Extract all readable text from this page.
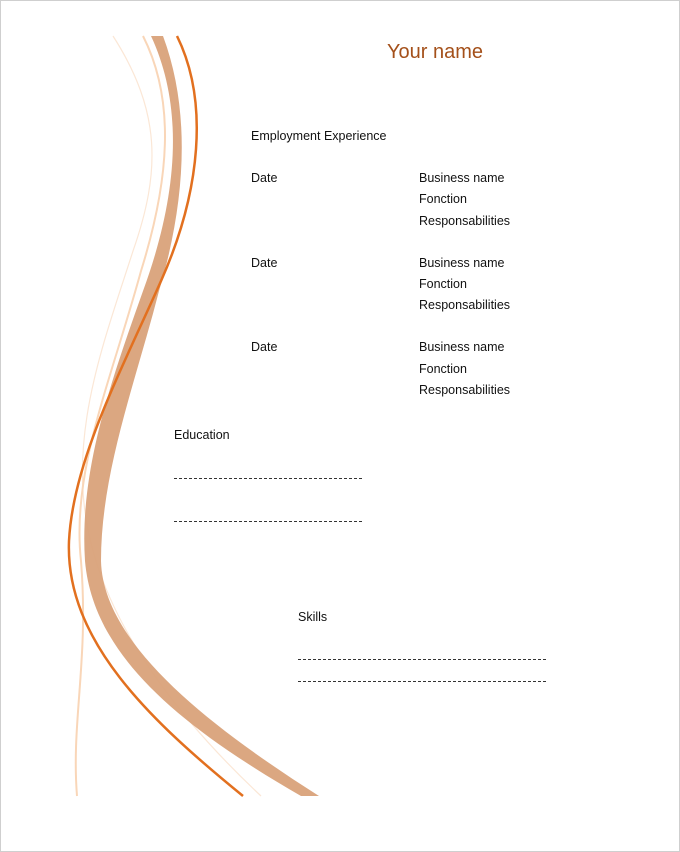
Your name
Employment Experience
Date	Business name
Fonction
Responsabilities
Date	Business name
Fonction
Responsabilities
Date	Business name
Fonction
Responsabilities
Education
Skills
